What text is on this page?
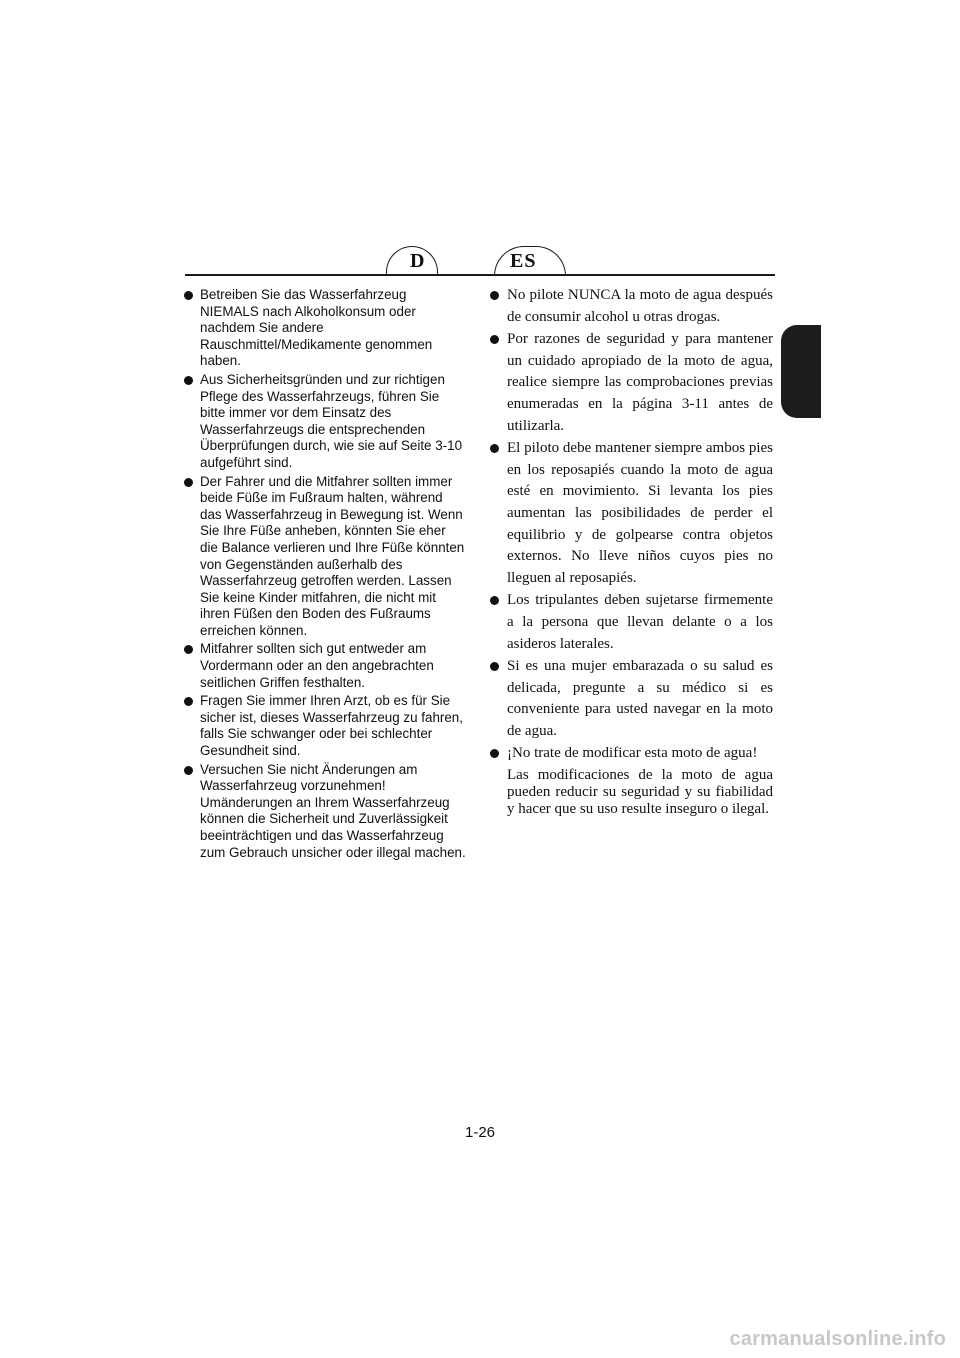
D	ES
Betreiben Sie das Wasserfahrzeug NIEMALS nach Alkoholkonsum oder nachdem Sie andere Rauschmittel/Medikamente genommen haben.
Aus Sicherheitsgründen und zur richtigen Pflege des Wasserfahrzeugs, führen Sie bitte immer vor dem Einsatz des Wasserfahrzeugs die entsprechenden Überprüfungen durch, wie sie auf Seite 3-10 aufgeführt sind.
Der Fahrer und die Mitfahrer sollten immer beide Füße im Fußraum halten, während das Wasserfahrzeug in Bewegung ist. Wenn Sie Ihre Füße anheben, könnten Sie eher die Balance verlieren und Ihre Füße könnten von Gegenständen außerhalb des Wasserfahrzeug getroffen werden. Lassen Sie keine Kinder mitfahren, die nicht mit ihren Füßen den Boden des Fußraums erreichen können.
Mitfahrer sollten sich gut entweder am Vordermann oder an den angebrachten seitlichen Griffen festhalten.
Fragen Sie immer Ihren Arzt, ob es für Sie sicher ist, dieses Wasserfahrzeug zu fahren, falls Sie schwanger oder bei schlechter Gesundheit sind.
Versuchen Sie nicht Änderungen am Wasserfahrzeug vorzunehmen!
Umänderungen an Ihrem Wasserfahrzeug können die Sicherheit und Zuverlässigkeit beeinträchtigen und das Wasserfahrzeug zum Gebrauch unsicher oder illegal machen.
No pilote NUNCA la moto de agua después de consumir alcohol u otras drogas.
Por razones de seguridad y para mantener un cuidado apropiado de la moto de agua, realice siempre las comprobaciones previas enumeradas en la página 3-11 antes de utilizarla.
El piloto debe mantener siempre ambos pies en los reposapiés cuando la moto de agua esté en movimiento. Si levanta los pies aumentan las posibilidades de perder el equilibrio y de golpearse contra objetos externos. No lleve niños cuyos pies no lleguen al reposapiés.
Los tripulantes deben sujetarse firmemente a la persona que llevan delante o a los asideros laterales.
Si es una mujer embarazada o su salud es delicada, pregunte a su médico si es conveniente para usted navegar en la moto de agua.
¡No trate de modificar esta moto de agua!
Las modificaciones de la moto de agua pueden reducir su seguridad y su fiabilidad y hacer que su uso resulte inseguro o ilegal.
1-26
carmanualsonline.info
